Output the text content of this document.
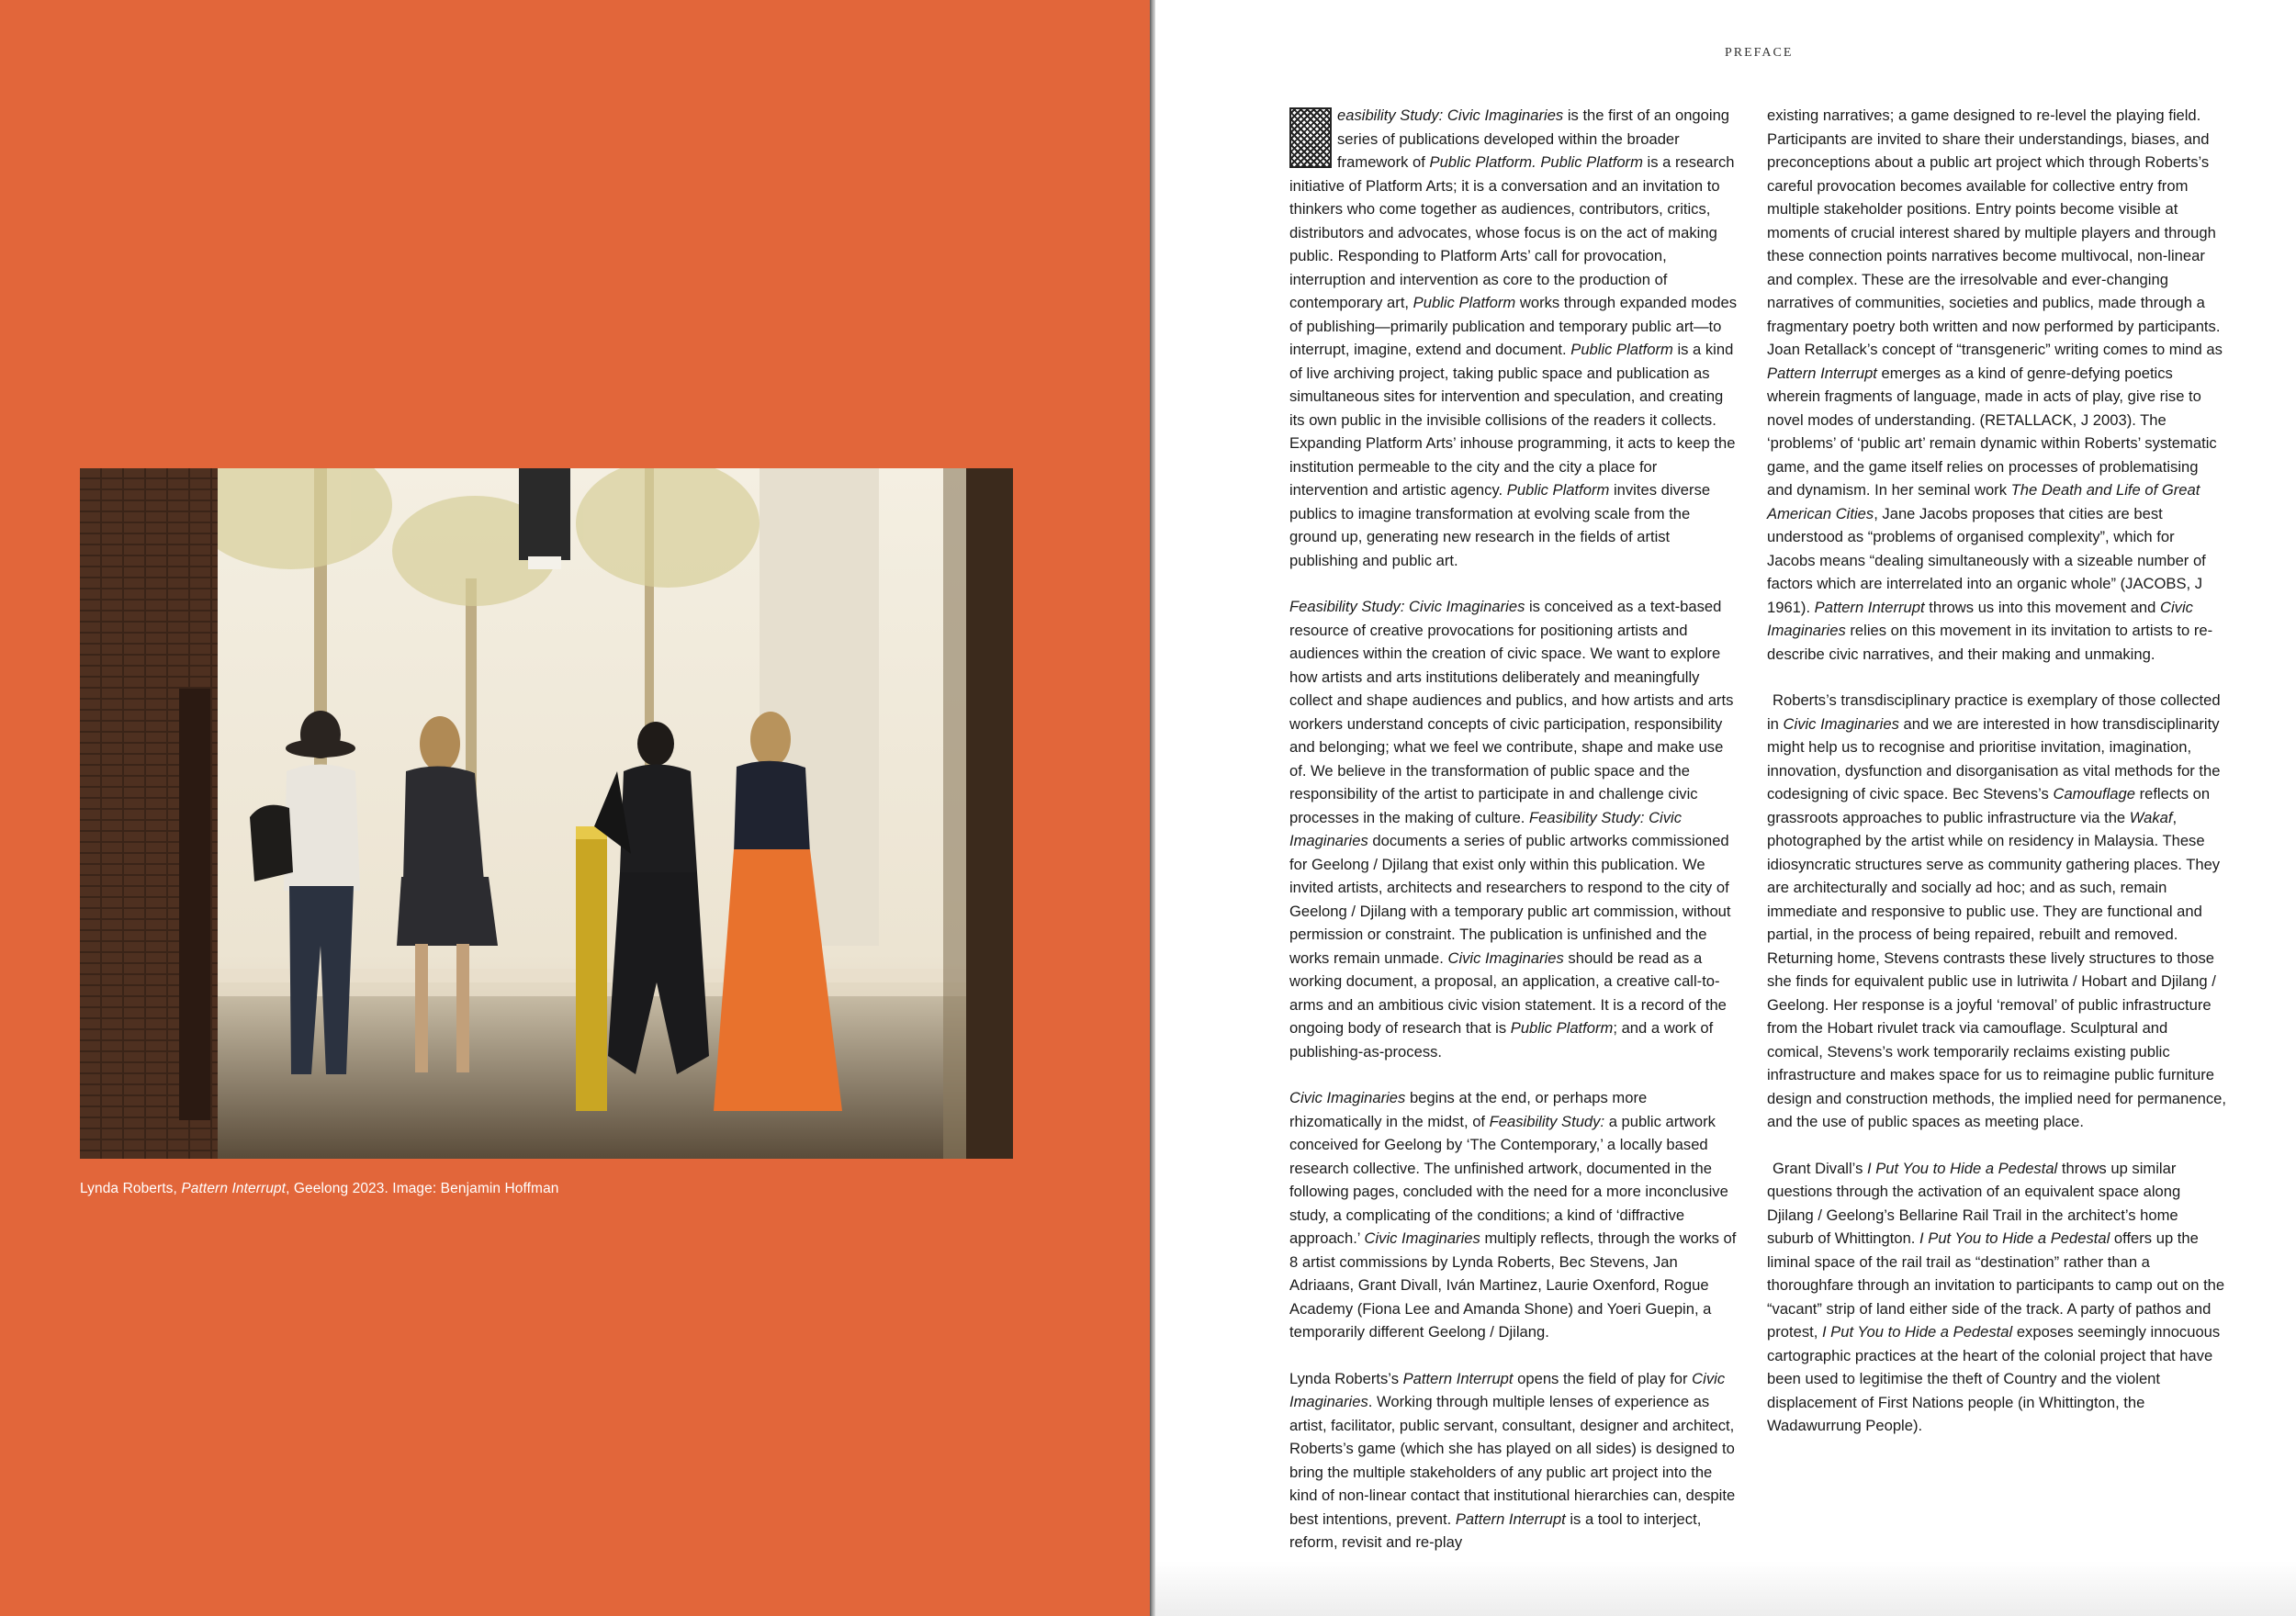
Lynda Roberts, Pattern Interrupt, Geelong 2023. Image: Benjamin Hoffman
PREFACE

easibility Study: Civic Imaginaries is the first of an ongoing series of publications developed within the broader framework of Public Platform. Public Platform is a research initiative of Platform Arts; it is a conversation and an invitation to thinkers who come together as audiences, contributors, critics, distributors and advocates, whose focus is on the act of making public. Responding to Platform Arts’ call for provocation, interruption and intervention as core to the production of contemporary art, Public Platform works through expanded modes of publishing—primarily publication and temporary public art—to interrupt, imagine, extend and document. Public Platform is a kind of live archiving project, taking public space and publication as simultaneous sites for intervention and speculation, and creating its own public in the invisible collisions of the readers it collects. Expanding Platform Arts’ inhouse programming, it acts to keep the institution permeable to the city and the city a place for intervention and artistic agency. Public Platform invites diverse publics to imagine transformation at evolving scale from the ground up, generating new research in the fields of artist publishing and public art.

Feasibility Study: Civic Imaginaries is conceived as a text-based resource of creative provocations for positioning artists and audiences within the creation of civic space. We want to explore how artists and arts institutions deliberately and meaningfully collect and shape audiences and publics, and how artists and arts workers understand concepts of civic participation, responsibility and belonging; what we feel we contribute, shape and make use of. We believe in the transformation of public space and the responsibility of the artist to participate in and challenge civic processes in the making of culture. Feasibility Study: Civic Imaginaries documents a series of public artworks commissioned for Geelong / Djilang that exist only within this publication. We invited artists, architects and researchers to respond to the city of Geelong / Djilang with a temporary public art commission, without permission or constraint. The publication is unfinished and the works remain unmade. Civic Imaginaries should be read as a working document, a proposal, an application, a creative call-to-arms and an ambitious civic vision statement. It is a record of the ongoing body of research that is Public Platform; and a work of publishing-as-process.

Civic Imaginaries begins at the end, or perhaps more rhizomatically in the midst, of Feasibility Study: a public artwork conceived for Geelong by ‘The Contemporary,’ a locally based research collective. The unfinished artwork, documented in the following pages, concluded with the need for a more inconclusive study, a complicating of the conditions; a kind of ‘diffractive approach.’ Civic Imaginaries multiply reflects, through the works of 8 artist commissions by Lynda Roberts, Bec Stevens, Jan Adriaans, Grant Divall, Iván Martinez, Laurie Oxenford, Rogue Academy (Fiona Lee and Amanda Shone) and Yoeri Guepin, a temporarily different Geelong / Djilang.

Lynda Roberts’s Pattern Interrupt opens the field of play for Civic Imaginaries. Working through multiple lenses of experience as artist, facilitator, public servant, consultant, designer and architect, Roberts’s game (which she has played on all sides) is designed to bring the multiple stakeholders of any public art project into the kind of non-linear contact that institutional hierarchies can, despite best intentions, prevent. Pattern Interrupt is a tool to interject, reform, revisit and re-play

existing narratives; a game designed to re-level the playing field. Participants are invited to share their understandings, biases, and preconceptions about a public art project which through Roberts’s careful provocation becomes available for collective entry from multiple stakeholder positions. Entry points become visible at moments of crucial interest shared by multiple players and through these connection points narratives become multivocal, non-linear and complex. These are the irresolvable and ever-changing narratives of communities, societies and publics, made through a fragmentary poetry both written and now performed by participants. Joan Retallack’s concept of “transgeneric” writing comes to mind as Pattern Interrupt emerges as a kind of genre-defying poetics wherein fragments of language, made in acts of play, give rise to novel modes of understanding. (RETALLACK, J 2003). The ‘problems’ of ‘public art’ remain dynamic within Roberts’ systematic game, and the game itself relies on processes of problematising and dynamism. In her seminal work The Death and Life of Great American Cities, Jane Jacobs proposes that cities are best understood as “problems of organised complexity”, which for Jacobs means “dealing simultaneously with a sizeable number of factors which are interrelated into an organic whole” (JACOBS, J 1961). Pattern Interrupt throws us into this movement and Civic Imaginaries relies on this movement in its invitation to artists to re-describe civic narratives, and their making and unmaking.

Roberts’s transdisciplinary practice is exemplary of those collected in Civic Imaginaries and we are interested in how transdisciplinarity might help us to recognise and prioritise invitation, imagination, innovation, dysfunction and disorganisation as vital methods for the codesigning of civic space. Bec Stevens’s Camouflage reflects on grassroots approaches to public infrastructure via the Wakaf, photographed by the artist while on residency in Malaysia. These idiosyncratic structures serve as community gathering places. They are architecturally and socially ad hoc; and as such, remain immediate and responsive to public use. They are functional and partial, in the process of being repaired, rebuilt and removed. Returning home, Stevens contrasts these lively structures to those she finds for equivalent public use in lutriwita / Hobart and Djilang / Geelong. Her response is a joyful ‘removal’ of public infrastructure from the Hobart rivulet track via camouflage. Sculptural and comical, Stevens’s work temporarily reclaims existing public infrastructure and makes space for us to reimagine public furniture design and construction methods, the implied need for permanence, and the use of public spaces as meeting place.

Grant Divall’s I Put You to Hide a Pedestal throws up similar questions through the activation of an equivalent space along Djilang / Geelong’s Bellarine Rail Trail in the architect’s home suburb of Whittington. I Put You to Hide a Pedestal offers up the liminal space of the rail trail as “destination” rather than a thoroughfare through an invitation to participants to camp out on the “vacant” strip of land either side of the track. A party of pathos and protest, I Put You to Hide a Pedestal exposes seemingly innocuous cartographic practices at the heart of the colonial project that have been used to legitimise the theft of Country and the violent displacement of First Nations people (in Whittington, the Wadawurrung People).
